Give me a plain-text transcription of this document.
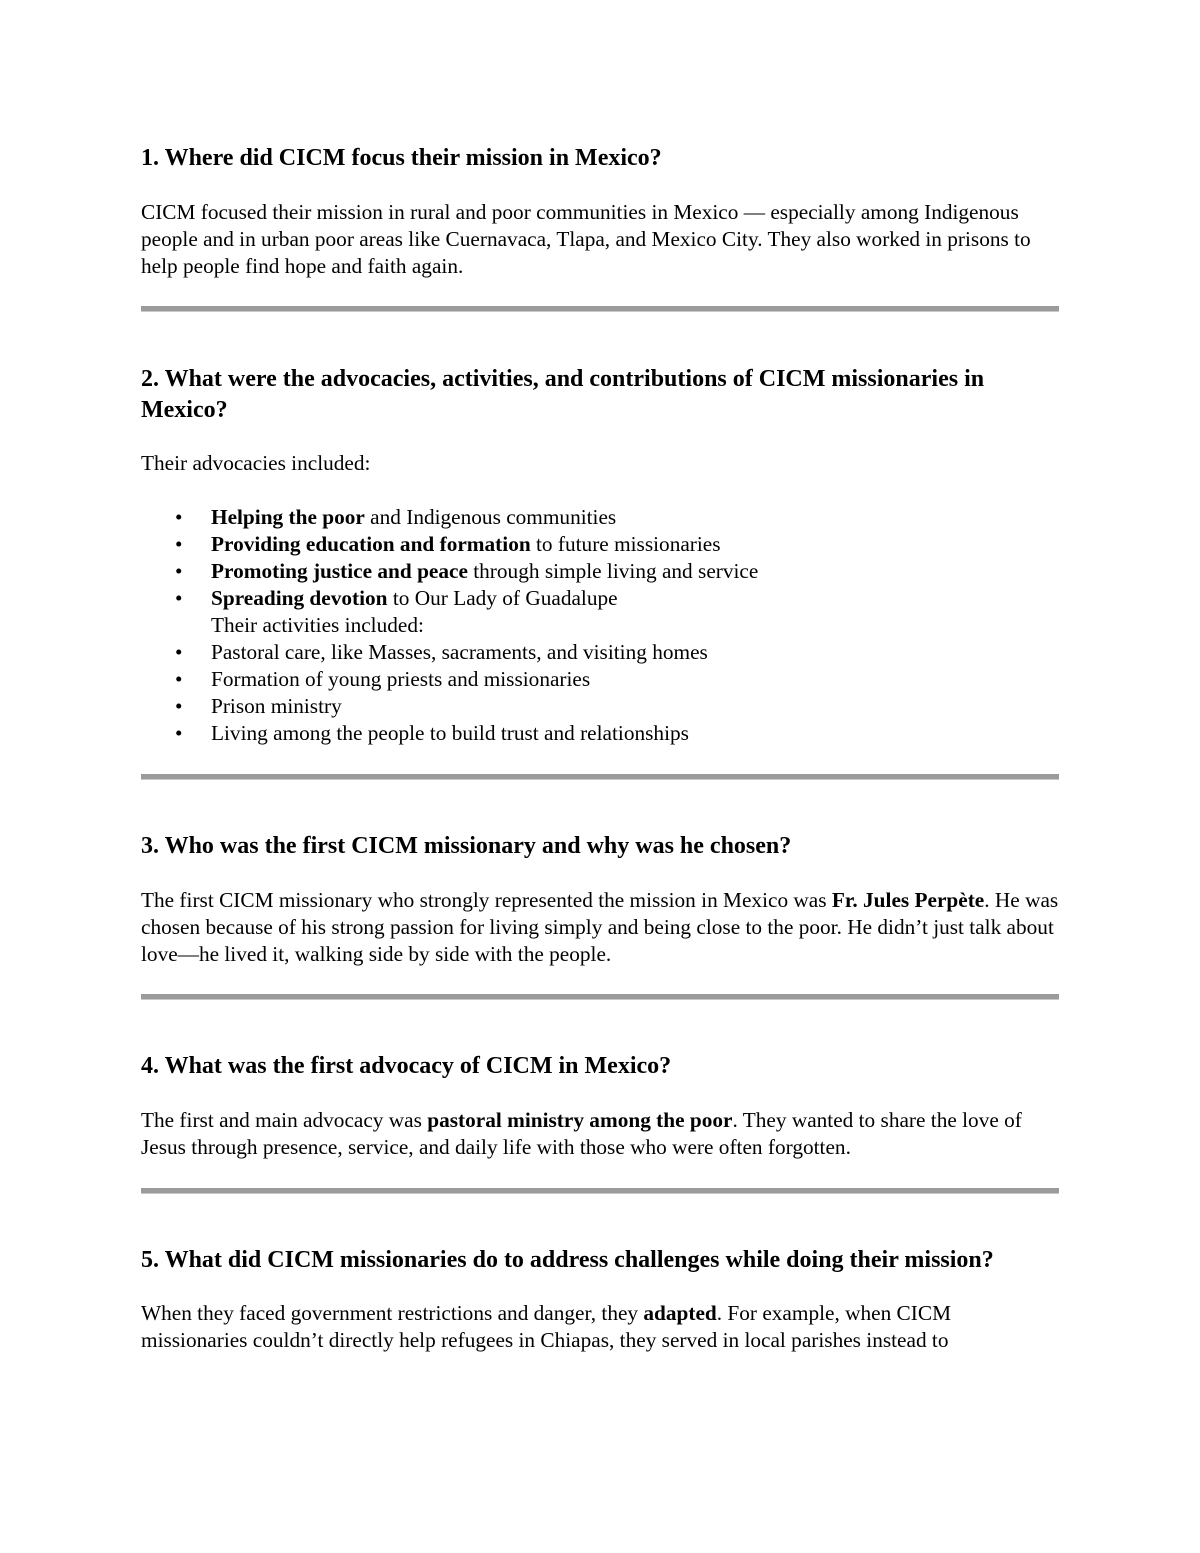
1. Where did CICM focus their mission in Mexico?

CICM focused their mission in rural and poor communities in Mexico — especially among Indigenous people and in urban poor areas like Cuernavaca, Tlapa, and Mexico City. They also worked in prisons to help people find hope and faith again.

2. What were the advocacies, activities, and contributions of CICM missionaries in Mexico?

Their advocacies included:

• Helping the poor and Indigenous communities
• Providing education and formation to future missionaries
• Promoting justice and peace through simple living and service
• Spreading devotion to Our Lady of Guadalupe
Their activities included:
• Pastoral care, like Masses, sacraments, and visiting homes
• Formation of young priests and missionaries
• Prison ministry
• Living among the people to build trust and relationships
3. Who was the first CICM missionary and why was he chosen?

The first CICM missionary who strongly represented the mission in Mexico was Fr. Jules Perpète. He was chosen because of his strong passion for living simply and being close to the poor. He didn’t just talk about love—he lived it, walking side by side with the people.

4. What was the first advocacy of CICM in Mexico?

The first and main advocacy was pastoral ministry among the poor. They wanted to share the love of Jesus through presence, service, and daily life with those who were often forgotten.

5. What did CICM missionaries do to address challenges while doing their mission?

When they faced government restrictions and danger, they adapted. For example, when CICM missionaries couldn’t directly help refugees in Chiapas, they served in local parishes instead to
